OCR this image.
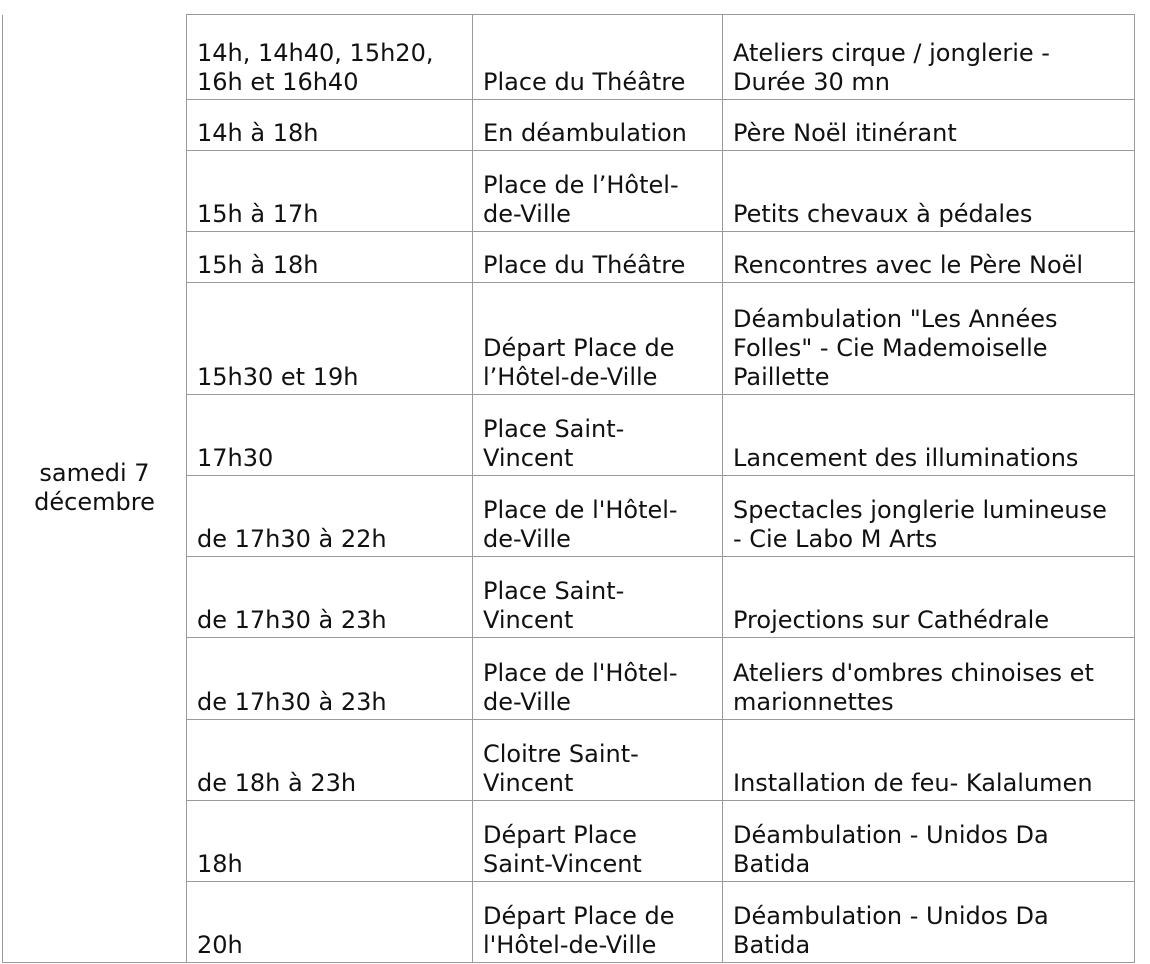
samedi 7
décembre	14h, 14h40, 15h20,
16h et 16h40	Place du Théâtre	Ateliers cirque / jonglerie -
Durée 30 mn
	14h à 18h	En déambulation	Père Noël itinérant
	15h à 17h	Place de l’Hôtel-
de-Ville	Petits chevaux à pédales
	15h à 18h	Place du Théâtre	Rencontres avec le Père Noël
	15h30 et 19h	Départ Place de
l’Hôtel-de-Ville	Déambulation "Les Années
Folles" - Cie Mademoiselle
Paillette
	17h30	Place Saint-
Vincent	Lancement des illuminations
	de 17h30 à 22h	Place de l'Hôtel-
de-Ville	Spectacles jonglerie lumineuse
- Cie Labo M Arts
	de 17h30 à 23h	Place Saint-
Vincent	Projections sur Cathédrale
	de 17h30 à 23h	Place de l'Hôtel-
de-Ville	Ateliers d'ombres chinoises et
marionnettes
	de 18h à 23h	Cloitre Saint-
Vincent	Installation de feu- Kalalumen
	18h	Départ Place
Saint-Vincent	Déambulation - Unidos Da
Batida
	20h	Départ Place de
l'Hôtel-de-Ville	Déambulation - Unidos Da
Batida
